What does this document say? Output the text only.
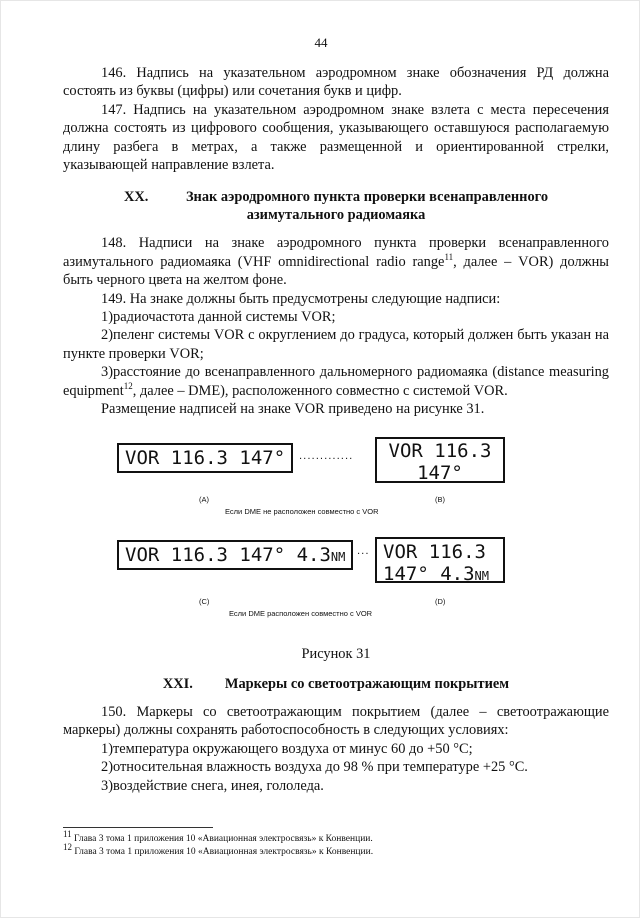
44

146. Надпись на указательном аэродромном знаке обозначения РД должна состоять из буквы (цифры) или сочетания букв и цифр.

147. Надпись на указательном аэродромном знаке взлета с места пересечения должна состоять из цифрового сообщения, указывающего оставшуюся располагаемую длину разбега в метрах, а также размещенной и ориентированной стрелки, указывающей направление взлета.

XX.	Знак аэродромного пункта проверки всенаправленного
азимутального радиомаяка

148. Надписи на знаке аэродромного пункта проверки всенаправленного азимутального радиомаяка (VHF omnidirectional radio range$^{11}$, далее – VOR) должны быть черного цвета на желтом фоне.

149. На знаке должны быть предусмотрены следующие надписи:

1)радиочастота данной системы VOR;

2)пеленг системы VOR с округлением до градуса, который должен быть указан на пункте проверки VOR;

3)расстояние до всенаправленного дальномерного радиомаяка (distance measuring equipment$^{12}$, далее – DME), расположенного совместно с системой VOR.

Размещение надписей на знаке VOR приведено на рисунке 31.

VOR 116.3 147°	············· VOR 116.3
147°
(A)	(B)
Если DME не расположен совместно с VOR
VOR 116.3 147° 4.3NM	··· VOR 116.3
147° 4.3NM
(C)	(D)
Если DME расположен совместно с VOR

Рисунок 31

XXI. Маркеры со светоотражающим покрытием

150. Маркеры со светоотражающим покрытием (далее – светоотражающие маркеры) должны сохранять работоспособность в следующих условиях:

1)температура окружающего воздуха от минус 60 до +50 °С;

2)относительная влажность воздуха до 98 % при температуре +25 °С.

3)воздействие снега, инея, гололеда.

$^{11}$ Глава 3 тома 1 приложения 10 «Авиационная электросвязь» к Конвенции.
$^{12}$ Глава 3 тома 1 приложения 10 «Авиационная электросвязь» к Конвенции.
